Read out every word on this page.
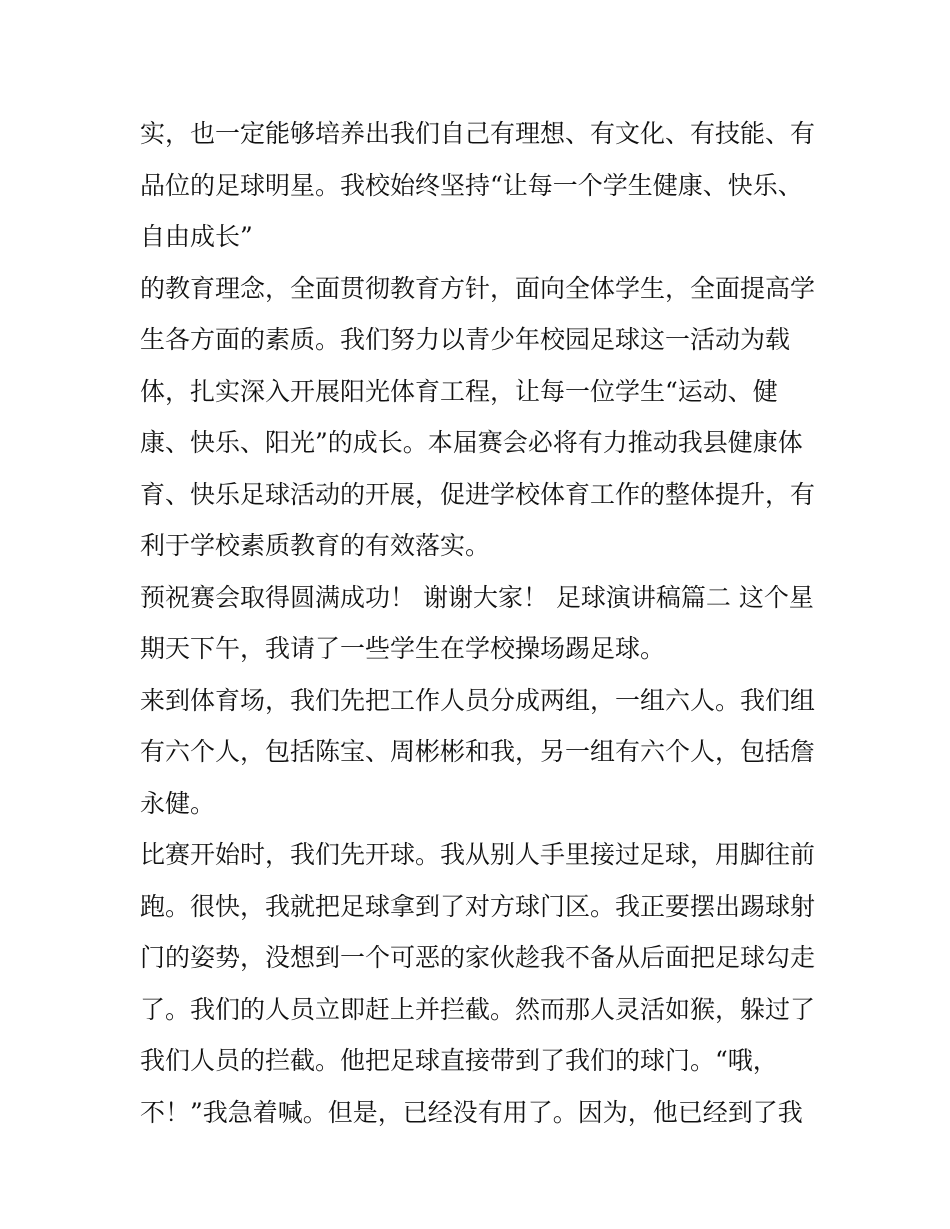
实，也一定能够培养出我们自己有理想、有文化、有技能、有
品位的足球明星。我校始终坚持“让每一个学生健康、快乐、
自由成长”
的教育理念，全面贯彻教育方针，面向全体学生，全面提高学
生各方面的素质。我们努力以青少年校园足球这一活动为载
体，扎实深入开展阳光体育工程，让每一位学生“运动、健
康、快乐、阳光”的成长。本届赛会必将有力推动我县健康体
育、快乐足球活动的开展，促进学校体育工作的整体提升，有
利于学校素质教育的有效落实。
预祝赛会取得圆满成功！ 谢谢大家！ 足球演讲稿篇二 这个星
期天下午，我请了一些学生在学校操场踢足球。
来到体育场，我们先把工作人员分成两组，一组六人。我们组
有六个人，包括陈宝、周彬彬和我，另一组有六个人，包括詹
永健。
比赛开始时，我们先开球。我从别人手里接过足球，用脚往前
跑。很快，我就把足球拿到了对方球门区。我正要摆出踢球射
门的姿势，没想到一个可恶的家伙趁我不备从后面把足球勾走
了。我们的人员立即赶上并拦截。然而那人灵活如猴，躲过了
我们人员的拦截。他把足球直接带到了我们的球门。“哦，
不！”我急着喊。但是，已经没有用了。因为，他已经到了我
